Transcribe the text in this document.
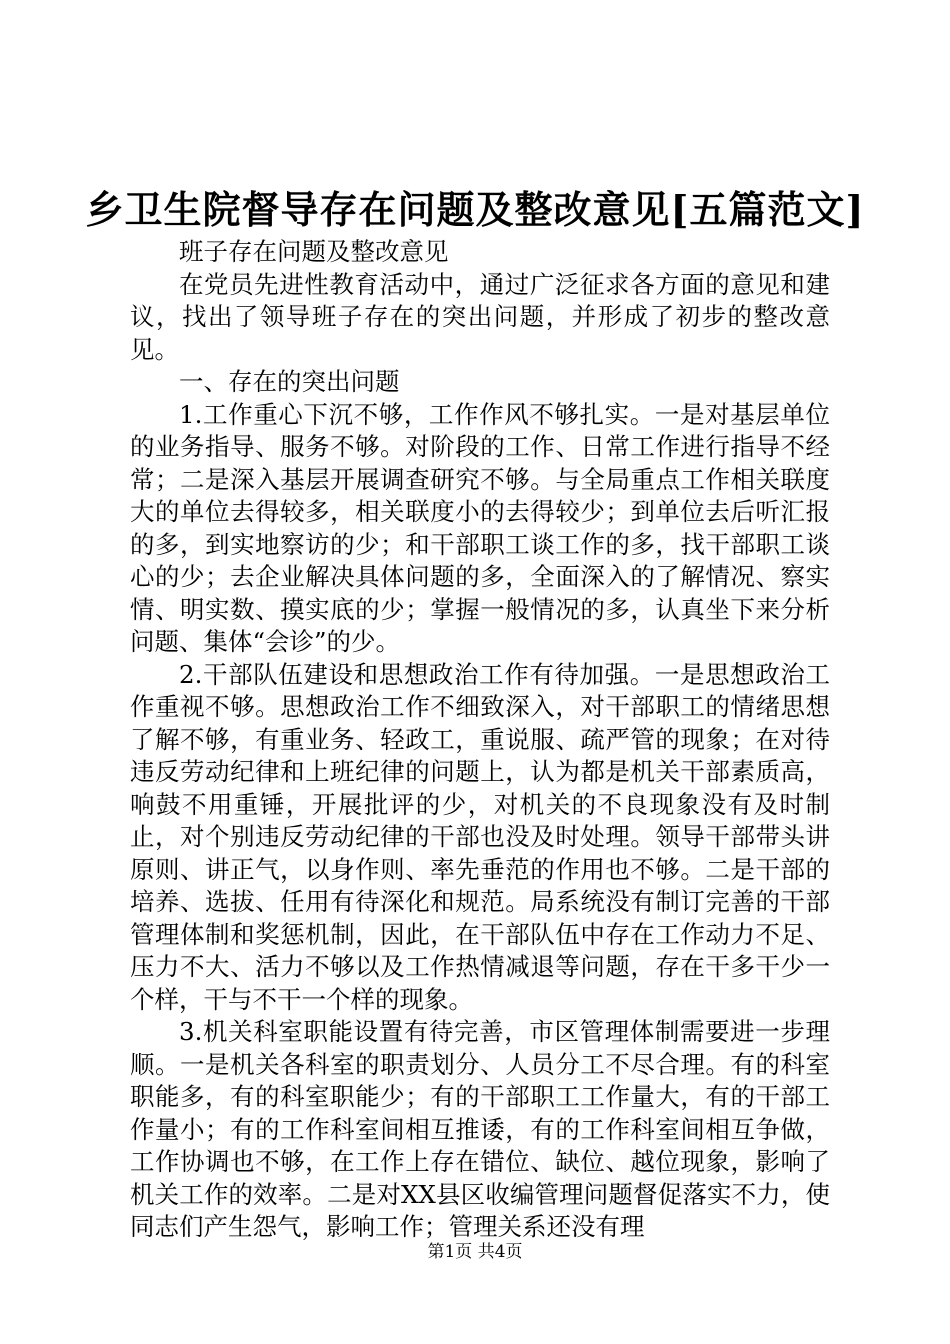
乡卫生院督导存在问题及整改意见[五篇范文]

班子存在问题及整改意见

在党员先进性教育活动中，通过广泛征求各方面的意见和建议，找出了领导班子存在的突出问题，并形成了初步的整改意见。

一、存在的突出问题

1.工作重心下沉不够，工作作风不够扎实。一是对基层单位的业务指导、服务不够。对阶段的工作、日常工作进行指导不经常；二是深入基层开展调查研究不够。与全局重点工作相关联度大的单位去得较多，相关联度小的去得较少；到单位去后听汇报的多，到实地察访的少；和干部职工谈工作的多，找干部职工谈心的少；去企业解决具体问题的多，全面深入的了解情况、察实情、明实数、摸实底的少；掌握一般情况的多，认真坐下来分析问题、集体“会诊”的少。

2.干部队伍建设和思想政治工作有待加强。一是思想政治工作重视不够。思想政治工作不细致深入，对干部职工的情绪思想了解不够，有重业务、轻政工，重说服、疏严管的现象；在对待违反劳动纪律和上班纪律的问题上，认为都是机关干部素质高，响鼓不用重锤，开展批评的少，对机关的不良现象没有及时制止，对个别违反劳动纪律的干部也没及时处理。领导干部带头讲原则、讲正气，以身作则、率先垂范的作用也不够。二是干部的培养、选拔、任用有待深化和规范。局系统没有制订完善的干部管理体制和奖惩机制，因此，在干部队伍中存在工作动力不足、压力不大、活力不够以及工作热情减退等问题，存在干多干少一个样，干与不干一个样的现象。

3.机关科室职能设置有待完善，市区管理体制需要进一步理顺。一是机关各科室的职责划分、人员分工不尽合理。有的科室职能多，有的科室职能少；有的干部职工工作量大，有的干部工作量小；有的工作科室间相互推诿，有的工作科室间相互争做，工作协调也不够，在工作上存在错位、缺位、越位现象，影响了机关工作的效率。二是对XX县区收编管理问题督促落实不力，使同志们产生怨气，影响工作；管理关系还没有理

第1页 共4页
